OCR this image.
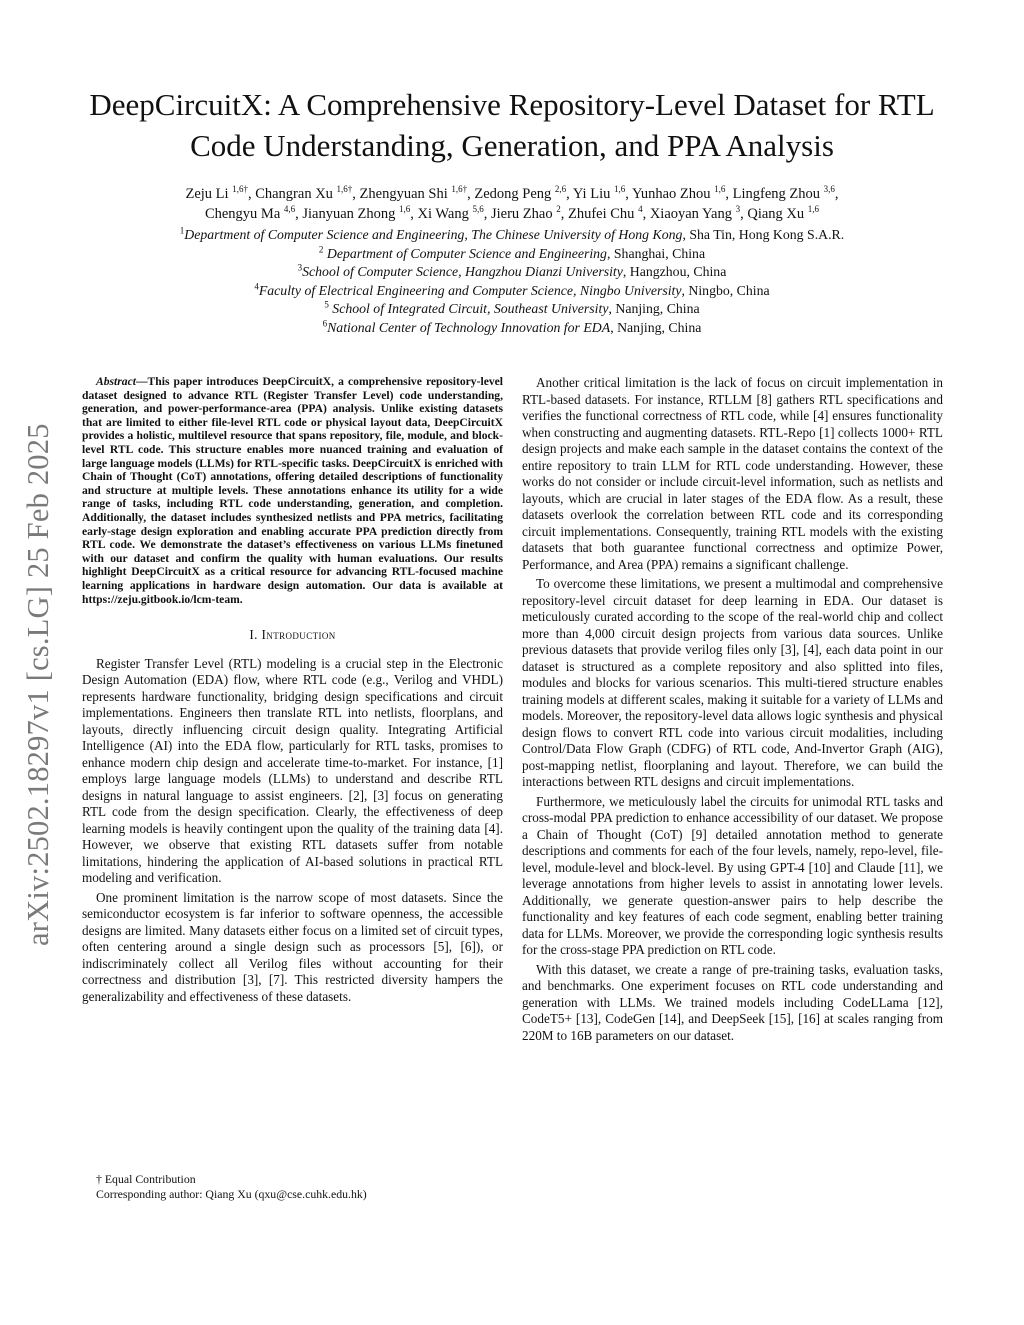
DeepCircuitX: A Comprehensive Repository-Level Dataset for RTL Code Understanding, Generation, and PPA Analysis
Zeju Li $^{1,6\dagger}$, Changran Xu $^{1,6\dagger}$, Zhengyuan Shi $^{1,6\dagger}$, Zedong Peng $^{2,6}$, Yi Liu $^{1,6}$, Yunhao Zhou $^{1,6}$, Lingfeng Zhou $^{3,6}$,
Chengyu Ma $^{4,6}$, Jianyuan Zhong $^{1,6}$, Xi Wang $^{5,6}$, Jieru Zhao $^2$, Zhufei Chu $^4$, Xiaoyan Yang $^3$, Qiang Xu $^{1,6}$
$^1$Department of Computer Science and Engineering, The Chinese University of Hong Kong, Sha Tin, Hong Kong S.A.R.
$^2$ Department of Computer Science and Engineering, Shanghai, China
$^3$School of Computer Science, Hangzhou Dianzi University, Hangzhou, China
$^4$Faculty of Electrical Engineering and Computer Science, Ningbo University, Ningbo, China
$^5$ School of Integrated Circuit, Southeast University, Nanjing, China
$^6$National Center of Technology Innovation for EDA, Nanjing, China
arXiv:2502.18297v1 [cs.LG] 25 Feb 2025

Abstract—This paper introduces DeepCircuitX, a comprehensive repository-level dataset designed to advance RTL (Register Transfer Level) code understanding, generation, and power-performance-area (PPA) analysis. Unlike existing datasets that are limited to either file-level RTL code or physical layout data, DeepCircuitX provides a holistic, multilevel resource that spans repository, file, module, and block-level RTL code. This structure enables more nuanced training and evaluation of large language models (LLMs) for RTL-specific tasks. DeepCircuitX is enriched with Chain of Thought (CoT) annotations, offering detailed descriptions of functionality and structure at multiple levels. These annotations enhance its utility for a wide range of tasks, including RTL code understanding, generation, and completion. Additionally, the dataset includes synthesized netlists and PPA metrics, facilitating early-stage design exploration and enabling accurate PPA prediction directly from RTL code. We demonstrate the dataset’s effectiveness on various LLMs finetuned with our dataset and confirm the quality with human evaluations. Our results highlight DeepCircuitX as a critical resource for advancing RTL-focused machine learning applications in hardware design automation. Our data is available at https://zeju.gitbook.io/lcm-team.

I. Introduction

Register Transfer Level (RTL) modeling is a crucial step in the Electronic Design Automation (EDA) flow, where RTL code (e.g., Verilog and VHDL) represents hardware functionality, bridging design specifications and circuit implementations. Engineers then translate RTL into netlists, floorplans, and layouts, directly influencing circuit design quality. Integrating Artificial Intelligence (AI) into the EDA flow, particularly for RTL tasks, promises to enhance modern chip design and accelerate time-to-market. For instance, [1] employs large language models (LLMs) to understand and describe RTL designs in natural language to assist engineers. [2], [3] focus on generating RTL code from the design specification. Clearly, the effectiveness of deep learning models is heavily contingent upon the quality of the training data [4]. However, we observe that existing RTL datasets suffer from notable limitations, hindering the application of AI-based solutions in practical RTL modeling and verification.

One prominent limitation is the narrow scope of most datasets. Since the semiconductor ecosystem is far inferior to software openness, the accessible designs are limited. Many datasets either focus on a limited set of circuit types, often centering around a single design such as processors [5], [6]), or indiscriminately collect all Verilog files without accounting for their correctness and distribution [3], [7]. This restricted diversity hampers the generalizability and effectiveness of these datasets.

† Equal Contribution
Corresponding author: Qiang Xu (qxu@cse.cuhk.edu.hk)

Another critical limitation is the lack of focus on circuit implementation in RTL-based datasets. For instance, RTLLM [8] gathers RTL specifications and verifies the functional correctness of RTL code, while [4] ensures functionality when constructing and augmenting datasets. RTL-Repo [1] collects 1000+ RTL design projects and make each sample in the dataset contains the context of the entire repository to train LLM for RTL code understanding. However, these works do not consider or include circuit-level information, such as netlists and layouts, which are crucial in later stages of the EDA flow. As a result, these datasets overlook the correlation between RTL code and its corresponding circuit implementations. Consequently, training RTL models with the existing datasets that both guarantee functional correctness and optimize Power, Performance, and Area (PPA) remains a significant challenge.

To overcome these limitations, we present a multimodal and comprehensive repository-level circuit dataset for deep learning in EDA. Our dataset is meticulously curated according to the scope of the real-world chip and collect more than 4,000 circuit design projects from various data sources. Unlike previous datasets that provide verilog files only [3], [4], each data point in our dataset is structured as a complete repository and also splitted into files, modules and blocks for various scenarios. This multi-tiered structure enables training models at different scales, making it suitable for a variety of LLMs and models. Moreover, the repository-level data allows logic synthesis and physical design flows to convert RTL code into various circuit modalities, including Control/Data Flow Graph (CDFG) of RTL code, And-Invertor Graph (AIG), post-mapping netlist, floorplaning and layout. Therefore, we can build the interactions between RTL designs and circuit implementations.

Furthermore, we meticulously label the circuits for unimodal RTL tasks and cross-modal PPA prediction to enhance accessibility of our dataset. We propose a Chain of Thought (CoT) [9] detailed annotation method to generate descriptions and comments for each of the four levels, namely, repo-level, file-level, module-level and block-level. By using GPT-4 [10] and Claude [11], we leverage annotations from higher levels to assist in annotating lower levels. Additionally, we generate question-answer pairs to help describe the functionality and key features of each code segment, enabling better training data for LLMs. Moreover, we provide the corresponding logic synthesis results for the cross-stage PPA prediction on RTL code.

With this dataset, we create a range of pre-training tasks, evaluation tasks, and benchmarks. One experiment focuses on RTL code understanding and generation with LLMs. We trained models including CodeLLama [12], CodeT5+ [13], CodeGen [14], and DeepSeek [15], [16] at scales ranging from 220M to 16B parameters on our dataset.
